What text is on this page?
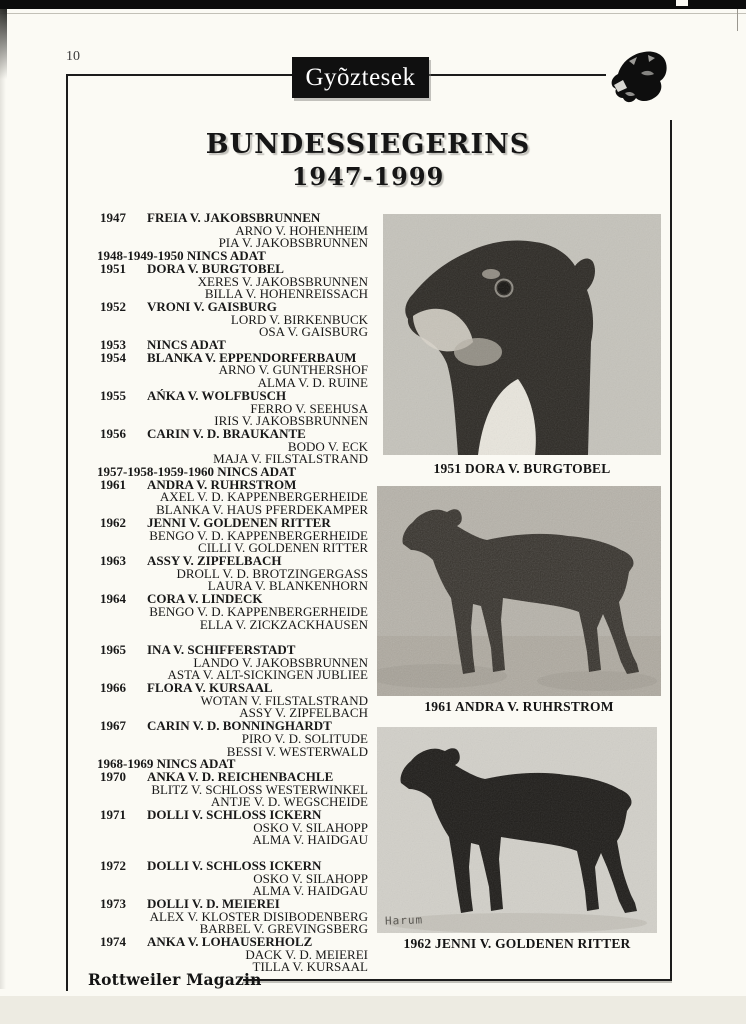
10
Gyõztesek
BUNDESSIEGERINS
1947-1999
1947 FREIA V. JAKOBSBRUNNEN
ARNO V. HOHENHEIM
PIA V. JAKOBSBRUNNEN
1948-1949-1950 NINCS ADAT
1951 DORA V. BURGTOBEL
XERES V. JAKOBSBRUNNEN
BILLA V. HOHENREISSACH
1952 VRONI V. GAISBURG
LORD V. BIRKENBUCK
OSA V. GAISBURG
1953 NINCS ADAT
1954 BLANKA V. EPPENDORFERBAUM
ARNO V. GUNTHERSHOF
ALMA V. D. RUINE
1955 AŃKA V. WOLFBUSCH
FERRO V. SEEHUSA
IRIS V. JAKOBSBRUNNEN
1956 CARIN V. D. BRAUKANTE
BODO V. ECK
MAJA V. FILSTALSTRAND
1957-1958-1959-1960 NINCS ADAT
1961 ANDRA V. RUHRSTROM
AXEL V. D. KAPPENBERGERHEIDE
BLANKA V. HAUS PFERDEKAMPER
1962 JENNI V. GOLDENEN RITTER
BENGO V. D. KAPPENBERGERHEIDE
CILLI V. GOLDENEN RITTER
1963 ASSY V. ZIPFELBACH
DROLL V. D. BROTZINGERGASS
LAURA V. BLANKENHORN
1964 CORA V. LINDECK
BENGO V. D. KAPPENBERGERHEIDE
ELLA V. ZICKZACKHAUSEN
1965 INA V. SCHIFFERSTADT
LANDO V. JAKOBSBRUNNEN
ASTA V. ALT-SICKINGEN JUBLIEE
1966 FLORA V. KURSAAL
WOTAN V. FILSTALSTRAND
ASSY V. ZIPFELBACH
1967 CARIN V. D. BONNINGHARDT
PIRO V. D. SOLITUDE
BESSI V. WESTERWALD
1968-1969 NINCS ADAT
1970 ANKA V. D. REICHENBACHLE
BLITZ V. SCHLOSS WESTERWINKEL
ANTJE V. D. WEGSCHEIDE
1971 DOLLI V. SCHLOSS ICKERN
OSKO V. SILAHOPP
ALMA V. HAIDGAU
1972 DOLLI V. SCHLOSS ICKERN
OSKO V. SILAHOPP
ALMA V. HAIDGAU
1973 DOLLI V. D. MEIEREI
ALEX V. KLOSTER DISIBODENBERG
BARBEL V. GREVINGSBERG
1974 ANKA V. LOHAUSERHOLZ
DACK V. D. MEIEREI
TILLA V. KURSAAL
1951 DORA V. BURGTOBEL
1961 ANDRA V. RUHRSTROM
Harum
1962 JENNI V. GOLDENEN RITTER
Rottweiler Magazin
